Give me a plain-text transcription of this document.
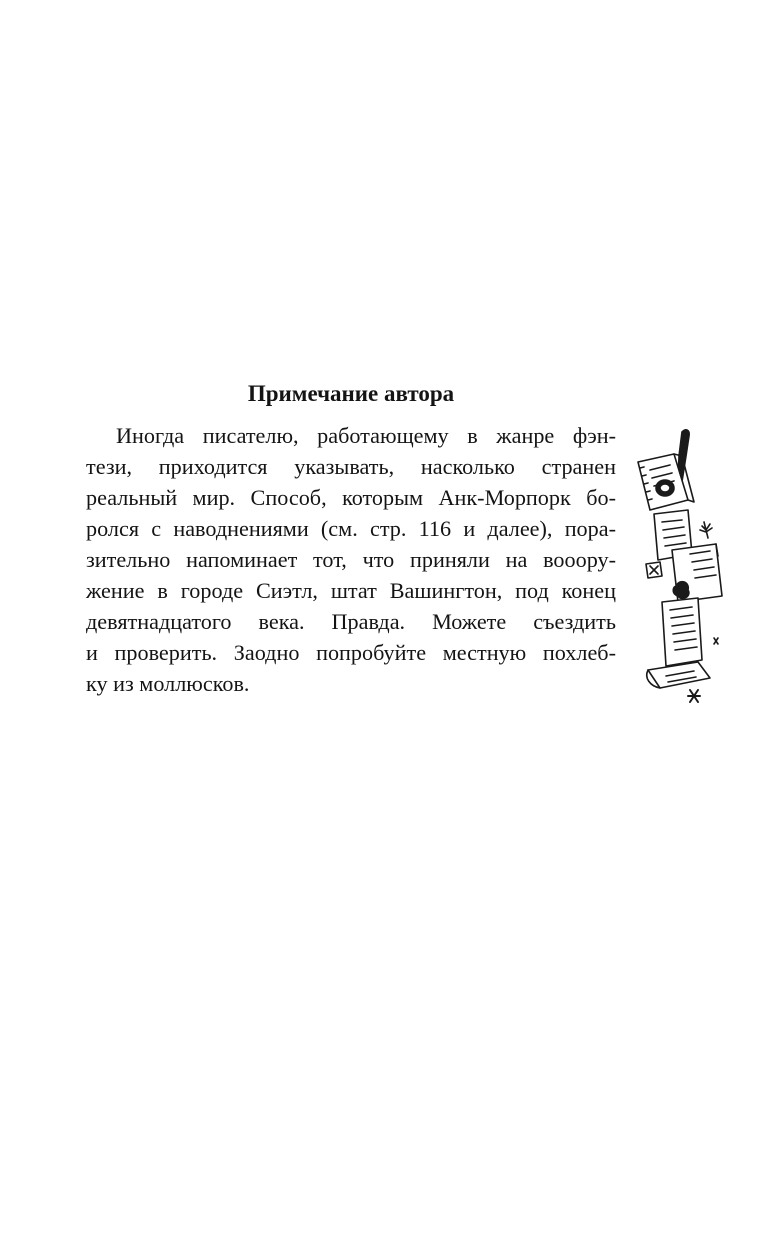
Примечание автора
Иногда писателю, работающему в жанре фэн-
тези, приходится указывать, насколько странен
реальный мир. Способ, которым Анк-Морпорк бо-
ролся с наводнениями (см. стр. 116 и далее), пора-
зительно напоминает тот, что приняли на вооору-
жение в городе Сиэтл, штат Вашингтон, под конец
девятнадцатого века. Правда. Можете съездить
и проверить. Заодно попробуйте местную похлеб-
ку из моллюсков.
